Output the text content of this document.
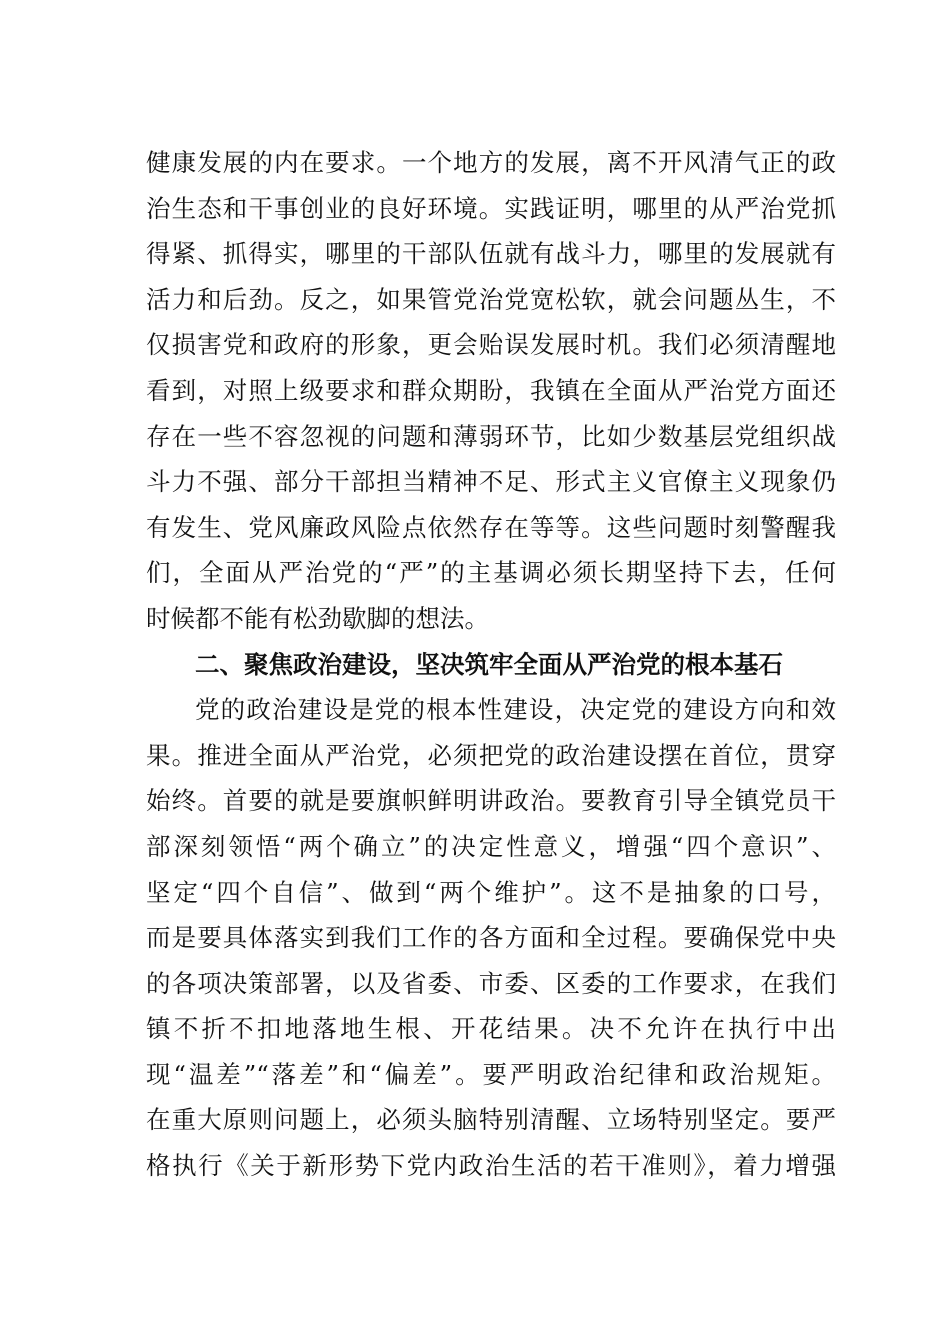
健康发展的内在要求。一个地方的发展，离不开风清气正的政
治生态和干事创业的良好环境。实践证明，哪里的从严治党抓
得紧、抓得实，哪里的干部队伍就有战斗力，哪里的发展就有
活力和后劲。反之，如果管党治党宽松软，就会问题丛生，不
仅损害党和政府的形象，更会贻误发展时机。我们必须清醒地
看到，对照上级要求和群众期盼，我镇在全面从严治党方面还
存在一些不容忽视的问题和薄弱环节，比如少数基层党组织战
斗力不强、部分干部担当精神不足、形式主义官僚主义现象仍
有发生、党风廉政风险点依然存在等等。这些问题时刻警醒我
们，全面从严治党的“严”的主基调必须长期坚持下去，任何
时候都不能有松劲歇脚的想法。
二、聚焦政治建设，坚决筑牢全面从严治党的根本基石
党的政治建设是党的根本性建设，决定党的建设方向和效
果。推进全面从严治党，必须把党的政治建设摆在首位，贯穿
始终。首要的就是要旗帜鲜明讲政治。要教育引导全镇党员干
部深刻领悟“两个确立”的决定性意义，增强“四个意识”、
坚定“四个自信”、做到“两个维护”。这不是抽象的口号，
而是要具体落实到我们工作的各方面和全过程。要确保党中央
的各项决策部署，以及省委、市委、区委的工作要求，在我们
镇不折不扣地落地生根、开花结果。决不允许在执行中出
现“温差”“落差”和“偏差”。要严明政治纪律和政治规矩。
在重大原则问题上，必须头脑特别清醒、立场特别坚定。要严
格执行《关于新形势下党内政治生活的若干准则》，着力增强
